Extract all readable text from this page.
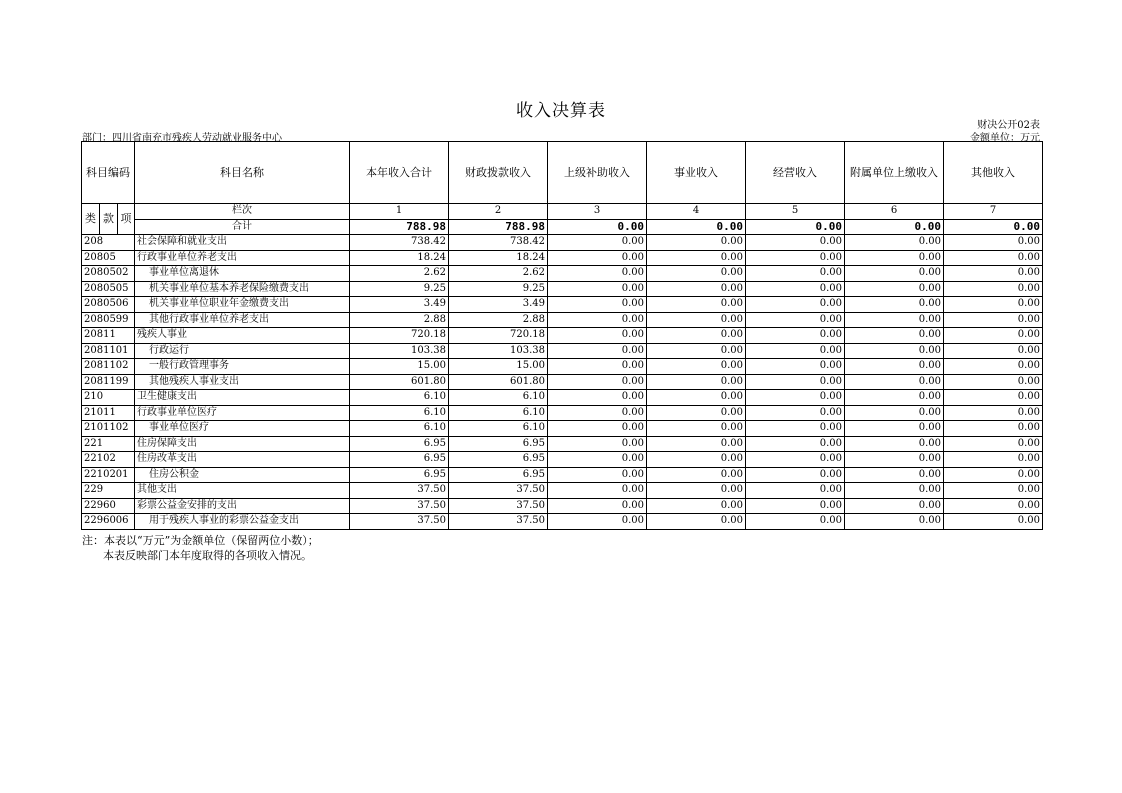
收入决算表
财决公开02表
部门：四川省南充市残疾人劳动就业服务中心	金额单位：万元
科目编码			科目名称	本年收入合计	财政拨款收入	上级补助收入	事业收入	经营收入	附属单位上缴收入	其他收入
类	款	项	栏次	1	2	3	4	5	6	7
			合计	788.98	788.98	0.00	0.00	0.00	0.00	0.00
208			社会保障和就业支出	738.42	738.42	0.00	0.00	0.00	0.00	0.00
20805			行政事业单位养老支出	18.24	18.24	0.00	0.00	0.00	0.00	0.00
2080502			事业单位离退休	2.62	2.62	0.00	0.00	0.00	0.00	0.00
2080505			机关事业单位基本养老保险缴费支出	9.25	9.25	0.00	0.00	0.00	0.00	0.00
2080506			机关事业单位职业年金缴费支出	3.49	3.49	0.00	0.00	0.00	0.00	0.00
2080599			其他行政事业单位养老支出	2.88	2.88	0.00	0.00	0.00	0.00	0.00
20811			残疾人事业	720.18	720.18	0.00	0.00	0.00	0.00	0.00
2081101			行政运行	103.38	103.38	0.00	0.00	0.00	0.00	0.00
2081102			一般行政管理事务	15.00	15.00	0.00	0.00	0.00	0.00	0.00
2081199			其他残疾人事业支出	601.80	601.80	0.00	0.00	0.00	0.00	0.00
210			卫生健康支出	6.10	6.10	0.00	0.00	0.00	0.00	0.00
21011			行政事业单位医疗	6.10	6.10	0.00	0.00	0.00	0.00	0.00
2101102			事业单位医疗	6.10	6.10	0.00	0.00	0.00	0.00	0.00
221			住房保障支出	6.95	6.95	0.00	0.00	0.00	0.00	0.00
22102			住房改革支出	6.95	6.95	0.00	0.00	0.00	0.00	0.00
2210201			住房公积金	6.95	6.95	0.00	0.00	0.00	0.00	0.00
229			其他支出	37.50	37.50	0.00	0.00	0.00	0.00	0.00
22960			彩票公益金安排的支出	37.50	37.50	0.00	0.00	0.00	0.00	0.00
2296006			用于残疾人事业的彩票公益金支出	37.50	37.50	0.00	0.00	0.00	0.00	0.00
注：本表以“万元”为金额单位（保留两位小数）；
本表反映部门本年度取得的各项收入情况。
